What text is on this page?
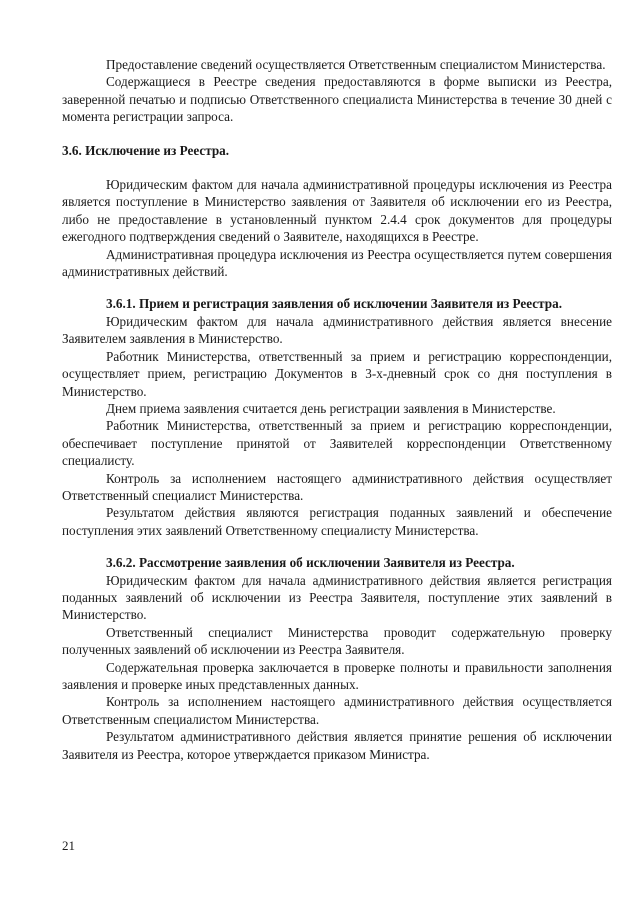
Предоставление сведений осуществляется Ответственным специалистом Министерства.

Содержащиеся в Реестре сведения предоставляются в форме выписки из Реестра, заверенной печатью и подписью Ответственного специалиста Министерства в течение 30 дней с момента регистрации запроса.

3.6. Исключение из Реестра.

Юридическим фактом для начала административной процедуры исключения из Реестра является поступление в Министерство заявления от Заявителя об исключении его из Реестра, либо не предоставление в установленный пунктом 2.4.4 срок документов для процедуры ежегодного подтверждения сведений о Заявителе, находящихся в Реестре.

Административная процедура исключения из Реестра осуществляется путем совершения административных действий.

3.6.1. Прием и регистрация заявления об исключении Заявителя из Реестра.

Юридическим фактом для начала административного действия является внесение Заявителем заявления в Министерство.

Работник Министерства, ответственный за прием и регистрацию корреспонденции, осуществляет прием, регистрацию Документов в 3-х-дневный срок со дня поступления в Министерство.

Днем приема заявления считается день регистрации заявления в Министерстве.

Работник Министерства, ответственный за прием и регистрацию корреспонденции, обеспечивает поступление принятой от Заявителей корреспонденции Ответственному специалисту.

Контроль за исполнением настоящего административного действия осуществляет Ответственный специалист Министерства.

Результатом действия являются регистрация поданных заявлений и обеспечение поступления этих заявлений Ответственному специалисту Министерства.

3.6.2. Рассмотрение заявления об исключении Заявителя из Реестра.

Юридическим фактом для начала административного действия является регистрация поданных заявлений об исключении из Реестра Заявителя, поступление этих заявлений в Министерство.

Ответственный специалист Министерства проводит содержательную проверку полученных заявлений об исключении из Реестра Заявителя.

Содержательная проверка заключается в проверке полноты и правильности заполнения заявления и проверке иных представленных данных.

Контроль за исполнением настоящего административного действия осуществляется Ответственным специалистом Министерства.

Результатом административного действия является принятие решения об исключении Заявителя из Реестра, которое утверждается приказом Министра.

21
